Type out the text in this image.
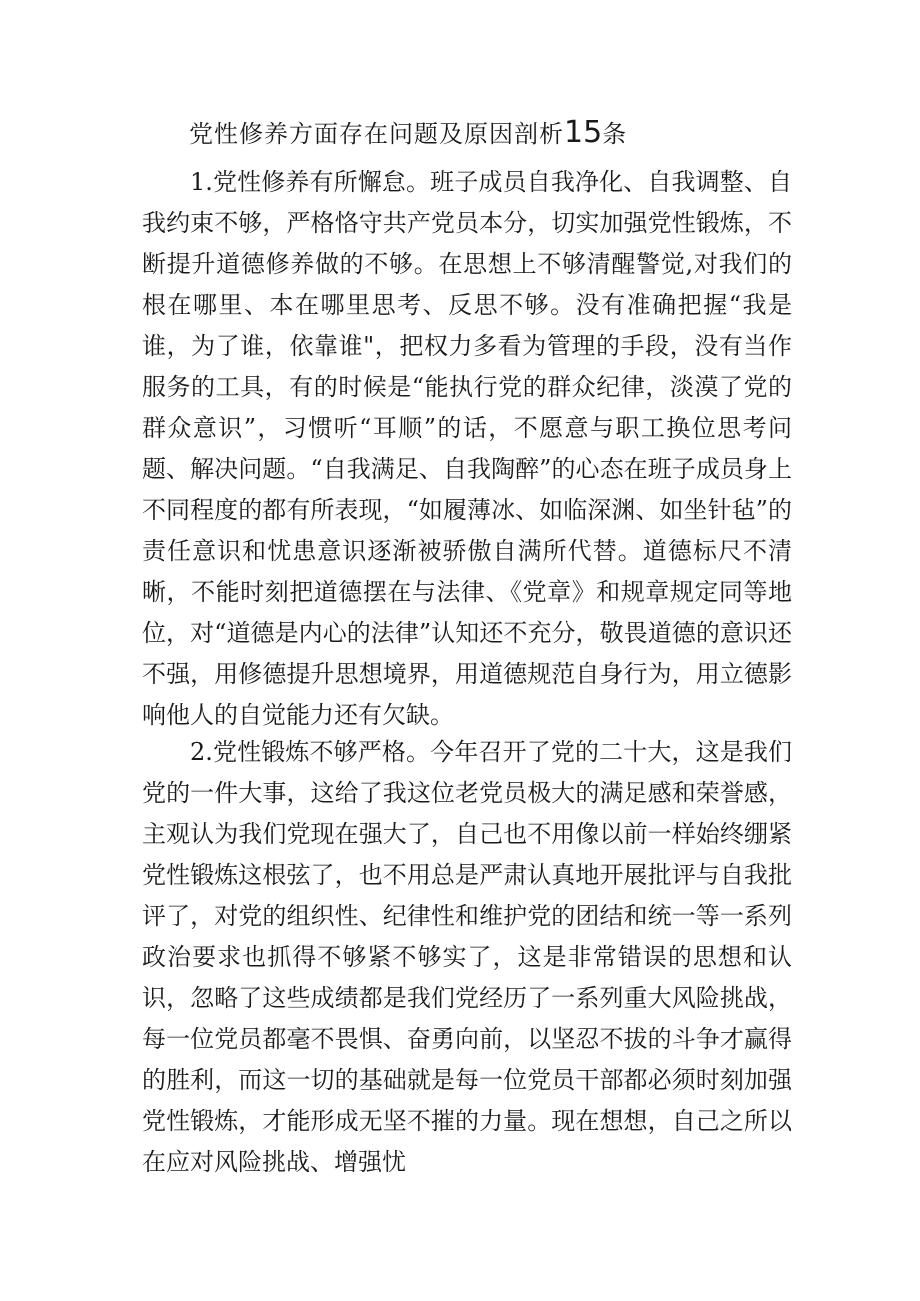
党性修养方面存在问题及原因剖析15条

1.党性修养有所懈怠。班子成员自我净化、自我调整、自我约束不够，严格恪守共产党员本分，切实加强党性锻炼，不断提升道德修养做的不够。在思想上不够清醒警觉,对我们的根在哪里、本在哪里思考、反思不够。没有准确把握“我是谁，为了谁，依靠谁"，把权力多看为管理的手段，没有当作服务的工具，有的时候是“能执行党的群众纪律，淡漠了党的群众意识”，习惯听“耳顺”的话，不愿意与职工换位思考问题、解决问题。“自我满足、自我陶醉”的心态在班子成员身上不同程度的都有所表现，“如履薄冰、如临深渊、如坐针毡”的责任意识和忧患意识逐渐被骄傲自满所代替。道德标尺不清晰，不能时刻把道德摆在与法律、《党章》和规章规定同等地位，对“道德是内心的法律”认知还不充分，敬畏道德的意识还不强，用修德提升思想境界，用道德规范自身行为，用立德影响他人的自觉能力还有欠缺。

2.党性锻炼不够严格。今年召开了党的二十大，这是我们党的一件大事，这给了我这位老党员极大的满足感和荣誉感，主观认为我们党现在强大了，自己也不用像以前一样始终绷紧党性锻炼这根弦了，也不用总是严肃认真地开展批评与自我批评了，对党的组织性、纪律性和维护党的团结和统一等一系列政治要求也抓得不够紧不够实了，这是非常错误的思想和认识，忽略了这些成绩都是我们党经历了一系列重大风险挑战，每一位党员都毫不畏惧、奋勇向前，以坚忍不拔的斗争才赢得的胜利，而这一切的基础就是每一位党员干部都必须时刻加强党性锻炼，才能形成无坚不摧的力量。现在想想，自己之所以在应对风险挑战、增强忧
